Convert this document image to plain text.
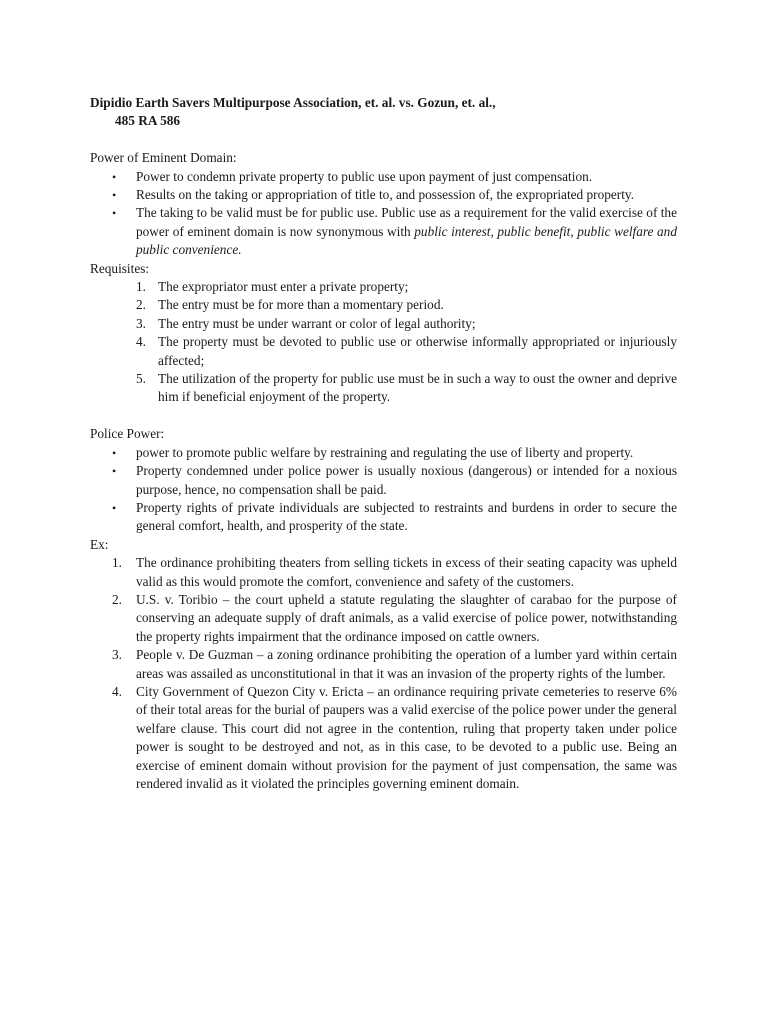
Dipidio Earth Savers Multipurpose Association, et. al. vs. Gozun, et. al.,
485 RA 586

Power of Eminent Domain:

• Power to condemn private property to public use upon payment of just compensation.
• Results on the taking or appropriation of title to, and possession of, the expropriated property.
• The taking to be valid must be for public use. Public use as a requirement for the valid exercise of the power of eminent domain is now synonymous with public interest, public benefit, public welfare and public convenience.

Requisites:

1. The expropriator must enter a private property;
2. The entry must be for more than a momentary period.
3. The entry must be under warrant or color of legal authority;
4. The property must be devoted to public use or otherwise informally appropriated or injuriously affected;
5. The utilization of the property for public use must be in such a way to oust the owner and deprive him if beneficial enjoyment of the property.

Police Power:

• power to promote public welfare by restraining and regulating the use of liberty and property.
• Property condemned under police power is usually noxious (dangerous) or intended for a noxious purpose, hence, no compensation shall be paid.
• Property rights of private individuals are subjected to restraints and burdens in order to secure the general comfort, health, and prosperity of the state.

Ex:

1. The ordinance prohibiting theaters from selling tickets in excess of their seating capacity was upheld valid as this would promote the comfort, convenience and safety of the customers.
2. U.S. v. Toribio – the court upheld a statute regulating the slaughter of carabao for the purpose of conserving an adequate supply of draft animals, as a valid exercise of police power, notwithstanding the property rights impairment that the ordinance imposed on cattle owners.
3. People v. De Guzman – a zoning ordinance prohibiting the operation of a lumber yard within certain areas was assailed as unconstitutional in that it was an invasion of the property rights of the lumber.
4. City Government of Quezon City v. Ericta – an ordinance requiring private cemeteries to reserve 6% of their total areas for the burial of paupers was a valid exercise of the police power under the general welfare clause. This court did not agree in the contention, ruling that property taken under police power is sought to be destroyed and not, as in this case, to be devoted to a public use. Being an exercise of eminent domain without provision for the payment of just compensation, the same was rendered invalid as it violated the principles governing eminent domain.
